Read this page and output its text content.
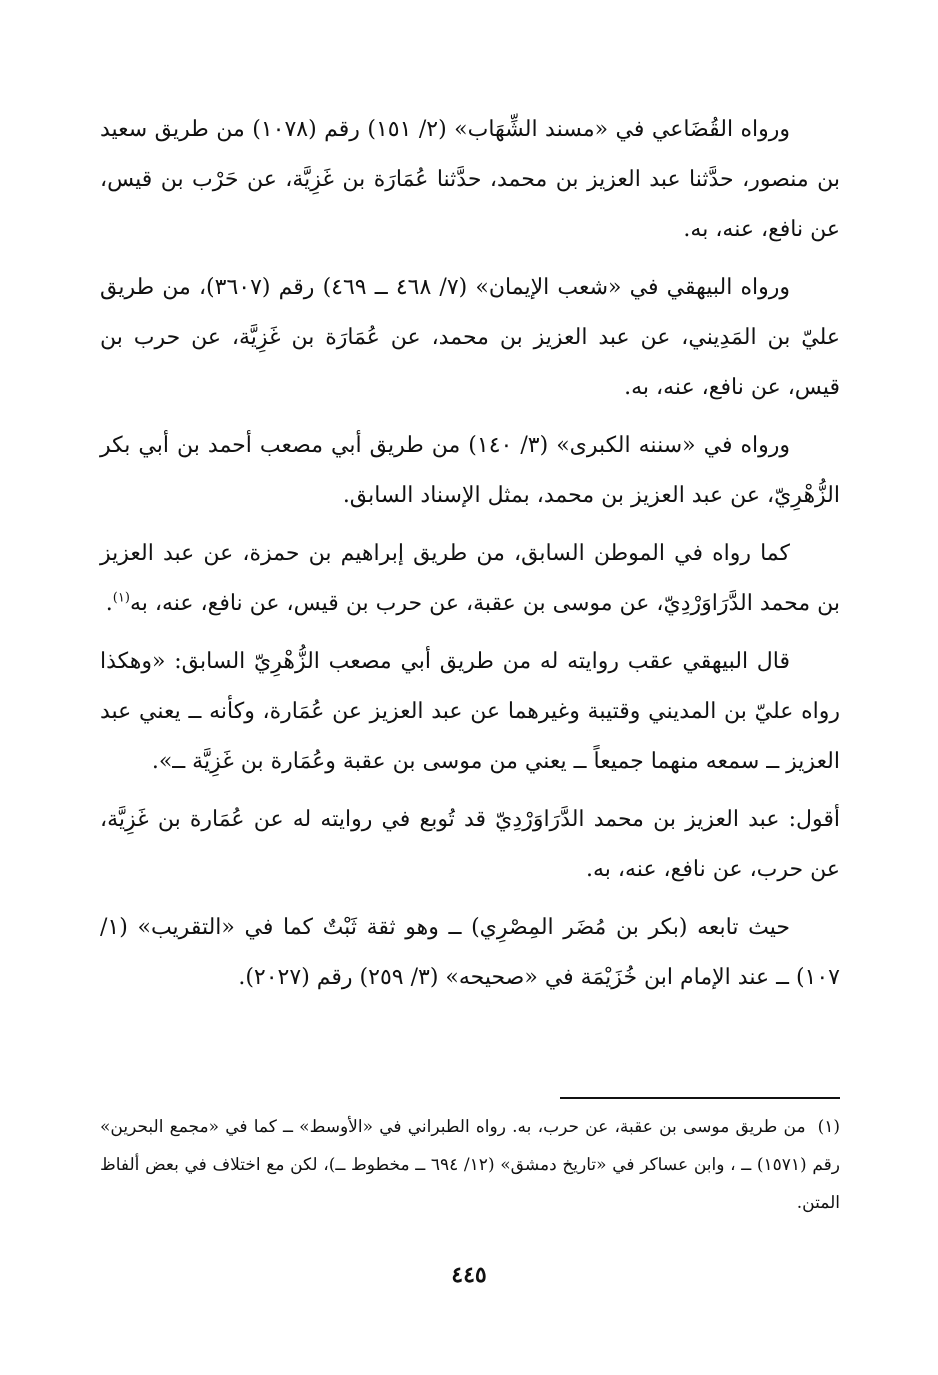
ورواه القُضَاعي في «مسند الشِّهَاب» (٢/ ١٥١) رقم (١٠٧٨) من طريق سعيد بن منصور، حدَّثنا عبد العزيز بن محمد، حدَّثنا عُمَارَة بن غَزِيَّة، عن حَرْب بن قيس، عن نافع، عنه، به.

ورواه البيهقي في «شعب الإيمان» (٧/ ٤٦٨ ــ ٤٦٩) رقم (٣٦٠٧)، من طريق عليّ بن المَدِيني، عن عبد العزيز بن محمد، عن عُمَارَة بن غَزِيَّة، عن حرب بن قيس، عن نافع، عنه، به.

ورواه في «سننه الكبرى» (٣/ ١٤٠) من طريق أبي مصعب أحمد بن أبي بكر الزُّهْرِيّ، عن عبد العزيز بن محمد، بمثل الإسناد السابق.

كما رواه في الموطن السابق، من طريق إبراهيم بن حمزة، عن عبد العزيز بن محمد الدَّرَاوَرْدِيّ، عن موسى بن عقبة، عن حرب بن قيس، عن نافع، عنه، به$^{(١)}$.

قال البيهقي عقب روايته له من طريق أبي مصعب الزُّهْرِيّ السابق: «وهكذا رواه عليّ بن المديني وقتيبة وغيرهما عن عبد العزيز عن عُمَارة، وكأنه ــ يعني عبد العزيز ــ سمعه منهما جميعاً ــ يعني من موسى بن عقبة وعُمَارة بن غَزِيَّة ــ».

أقول: عبد العزيز بن محمد الدَّرَاوَرْدِيّ قد تُوبع في روايته له عن عُمَارة بن غَزِيَّة، عن حرب، عن نافع، عنه، به.

حيث تابعه (بكر بن مُضَر المِصْرِي) ــ وهو ثقة ثَبْتٌ كما في «التقريب» (١/ ١٠٧) ــ عند الإمام ابن خُزَيْمَة في «صحيحه» (٣/ ٢٥٩) رقم (٢٠٢٧).

(١)من طريق موسى بن عقبة، عن حرب، به. رواه الطبراني في «الأوسط» ــ كما في «مجمع البحرين» رقم (١٥٧١) ــ ، وابن عساكر في «تاريخ دمشق» (١٢/ ٦٩٤ ــ مخطوط ــ)، لكن مع اختلاف في بعض ألفاظ المتن.
٤٤٥
